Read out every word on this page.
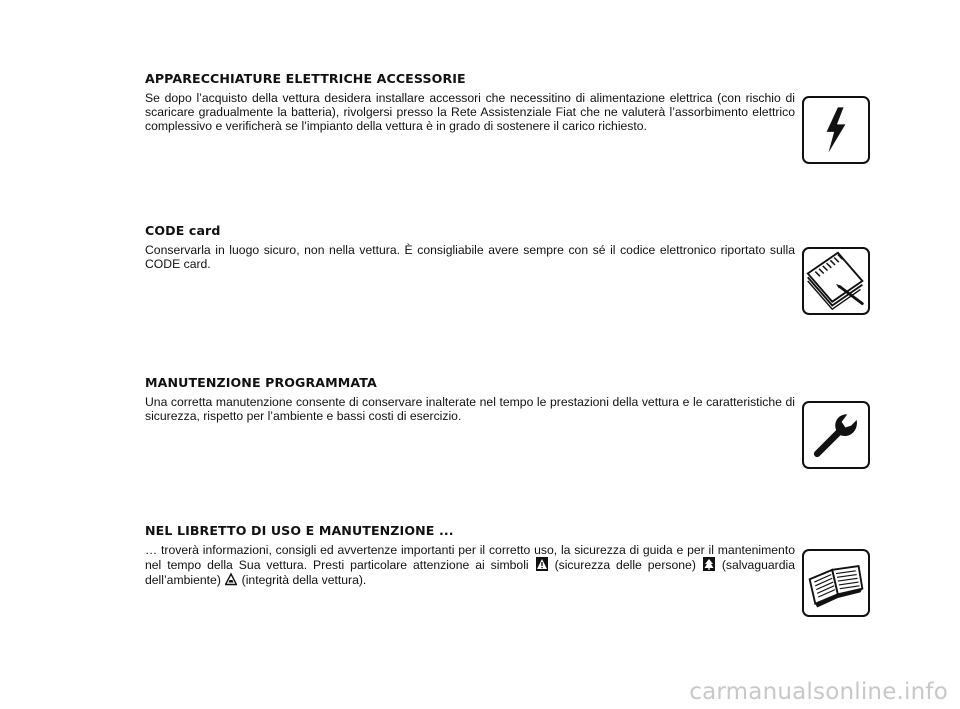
APPARECCHIATURE ELETTRICHE ACCESSORIE

Se dopo l’acquisto della vettura desidera installare accessori che necessitino di alimentazione elettrica (con rischio di scaricare gradualmente la batteria), rivolgersi presso la Rete Assistenziale Fiat che ne valuterà l’assorbimento elettrico complessivo e verificherà se l’impianto della vettura è in grado di sostenere il carico richiesto.

CODE card

Conservarla in luogo sicuro, non nella vettura. È consigliabile avere sempre con sé il codice elettronico riportato sulla CODE card.

MANUTENZIONE PROGRAMMATA

Una corretta manutenzione consente di conservare inalterate nel tempo le prestazioni della vettura e le caratteristiche di sicurezza, rispetto per l’ambiente e bassi costi di esercizio.

NEL LIBRETTO DI USO E MANUTENZIONE ...

… troverà informazioni, consigli ed avvertenze importanti per il corretto uso, la sicurezza di guida e per il mantenimento nel tempo della Sua vettura. Presti particolare attenzione ai simboli (sicurezza delle persone) (salvaguardia dell’ambiente) (integrità della vettura).

carmanualsonline.info
